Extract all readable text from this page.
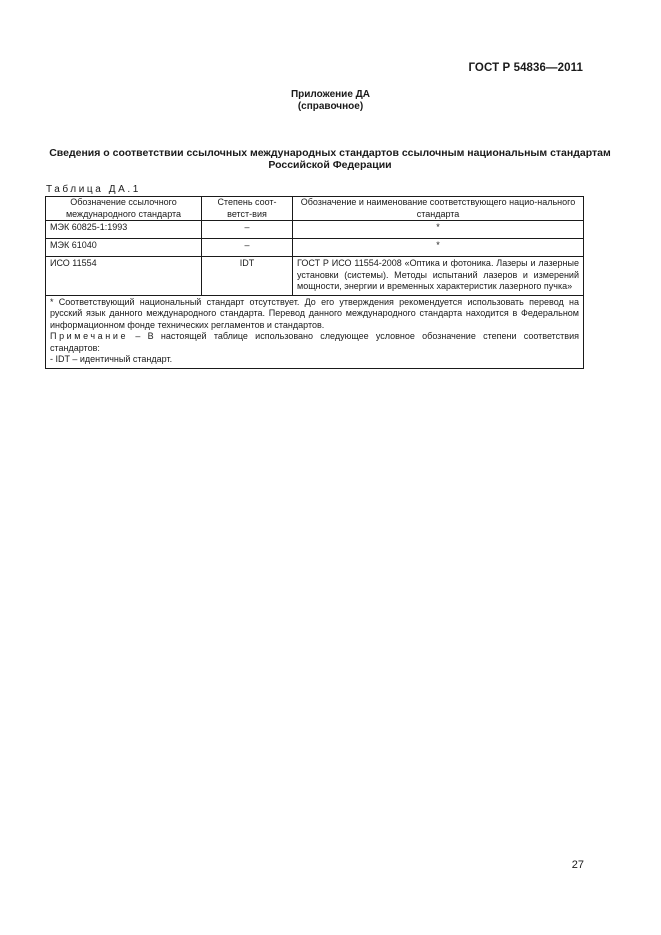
ГОСТ Р 54836—2011
Приложение ДА
(справочное)
Сведения о соответствии ссылочных международных стандартов ссылочным национальным стандартам Российской Федерации
Таблица ДА.1
Обозначение ссылочного международного стандарта	Степень соот-ветст-вия	Обозначение и наименование соответствующего нацио-нального стандарта
МЭК 60825-1:1993	–	*
МЭК 61040	–	*
ИСО 11554	IDT	ГОСТ Р ИСО 11554-2008 «Оптика и фотоника. Лазеры и лазерные установки (системы). Методы испытаний лазеров и измерений мощности, энергии и временных характеристик лазерного пучка»

* Соответствующий национальный стандарт отсутствует. До его утверждения рекомендуется использовать перевод на русский язык данного международного стандарта. Перевод данного международного стандарта находится в Федеральном информационном фонде технических регламентов и стандартов.

Примечание – В настоящей таблице использовано следующее условное обозначение степени соответствия стандартов:

- IDT – идентичный стандарт.		

27
